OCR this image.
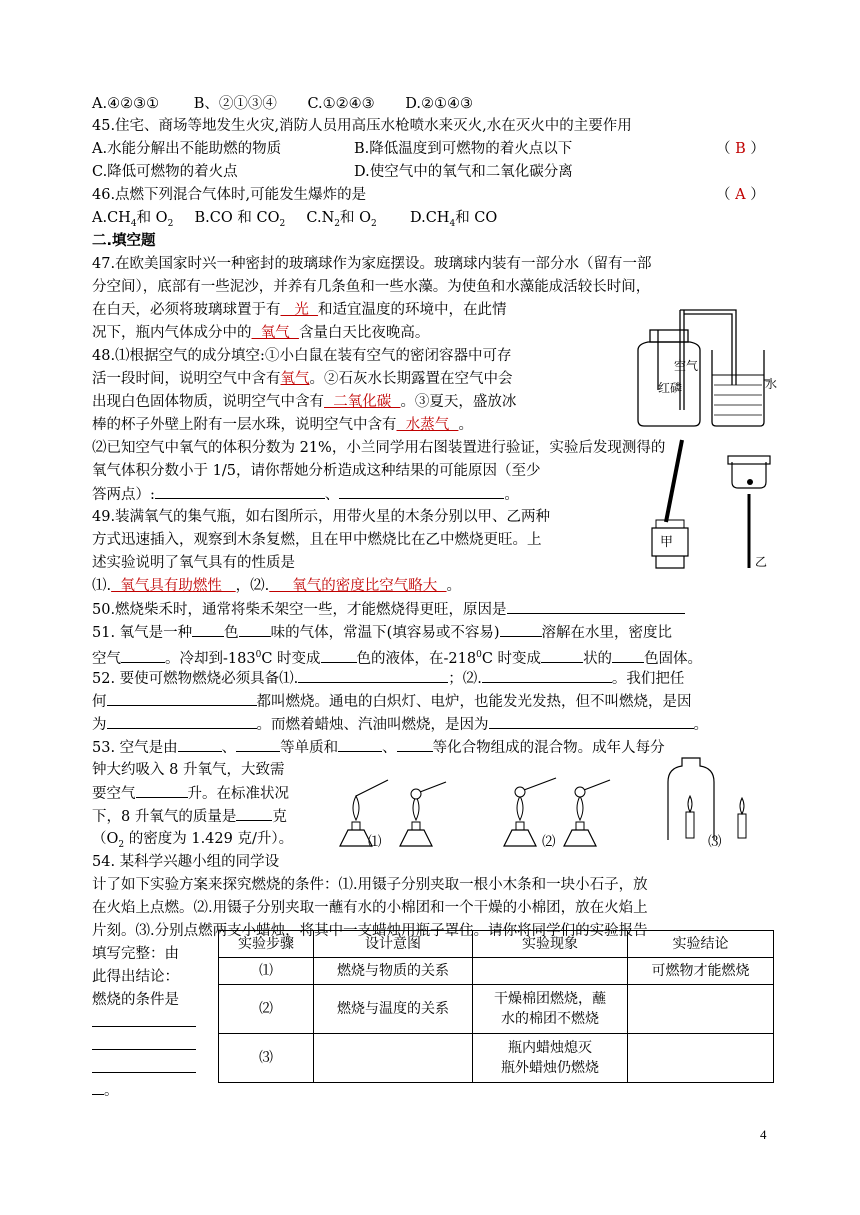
A.④②③① B、②①③④ C.①②④③ D.②①④③
45.住宅、商场等地发生火灾,消防人员用高压水枪喷水来灭火,水在灭火中的主要作用
A.水能分解出不能助燃的物质	B.降低温度到可燃物的着火点以下	（ B ）
C.降低可燃物的着火点	D.使空气中的氧气和二氧化碳分离
46.点燃下列混合气体时,可能发生爆炸的是	（ A ）
$A.CH_4$和 $O_2$ B.CO 和 $CO_2$ $C.N_2$和 $O_2$ $D.CH_4$和 CO
二.填空题
47.在欧美国家时兴一种密封的玻璃球作为家庭摆设。玻璃球内装有一部分水（留有一部
分空间），底部有一些泥沙，并养有几条鱼和一些水藻。为使鱼和水藻能成活较长时间，
在白天，必须将玻璃球置于有   光  和适宜温度的环境中，在此情
况下，瓶内气体成分中的  氧气  含量白天比夜晚高。
48.⑴根据空气的成分填空:①小白鼠在装有空气的密闭容器中可存
活一段时间，说明空气中含有氧气。②石灰水长期露置在空气中会
出现白色固体物质，说明空气中含有  二氧化碳  。③夏天，盛放冰
棒的杯子外壁上附有一层水珠，说明空气中含有  水蒸气  。
⑵已知空气中氧气的体积分数为 21%，小兰同学用右图装置进行验证，实验后发现测得的
氧气体积分数小于 1/5，请你帮她分析造成这种结果的可能原因（至少
答两点）:	、	。
空气
红磷	水
49.装满氧气的集气瓶，如右图所示，用带火星的木条分别以甲、乙两种
方式迅速插入，观察到木条复燃，且在甲中燃烧比在乙中燃烧更旺。上
述实验说明了氧气具有的性质是
⑴.  氧气具有助燃性   ，⑵.     氧气的密度比空气略大  。
甲
乙
50.燃烧柴禾时，通常将柴禾架空一些，才能燃烧得更旺，原因是
51. 氧气是一种 色 味的气体，常温下(填容易或不容易)	溶解在水里，密度比
空气	。冷却到$-183^0C$ 时变成 色的液体，在$-218^0C$ 时变成	状的 色固体。
52. 要使可燃物燃烧必须具备⑴.	；⑵.	。我们把任
何	都叫燃烧。通电的白炽灯、电炉，也能发光发热，但不叫燃烧，是因
为	。而燃着蜡烛、汽油叫燃烧，是因为	。
53. 空气是由	、	等单质和	、 等化合物组成的混合物。成年人每分
钟大约吸入 8 升氧气，大致需
要空气	升。在标准状况
下，8 升氧气的质量是 克
（$O_2$ 的密度为 1.429 克/升）。	⑴	⑵	⑶
54. 某科学兴趣小组的同学设
计了如下实验方案来探究燃烧的条件：⑴.用镊子分别夹取一根小木条和一块小石子，放
在火焰上点燃。⑵.用镊子分别夹取一蘸有水的小棉团和一个干燥的小棉团，放在火焰上
片刻。⑶.分别点燃两支小蜡烛，将其中一支蜡烛用瓶子罩住。请你将同学们的实验报告
填写完整：由
此得出结论：
燃烧的条件是
。
实验步骤	设计意图	实验现象	实验结论
⑴	燃烧与物质的关系		可燃物才能燃烧
⑵	燃烧与温度的关系	干燥棉团燃烧，蘸
水的棉团不燃烧	
⑶		瓶内蜡烛熄灭
瓶外蜡烛仍燃烧	
4
